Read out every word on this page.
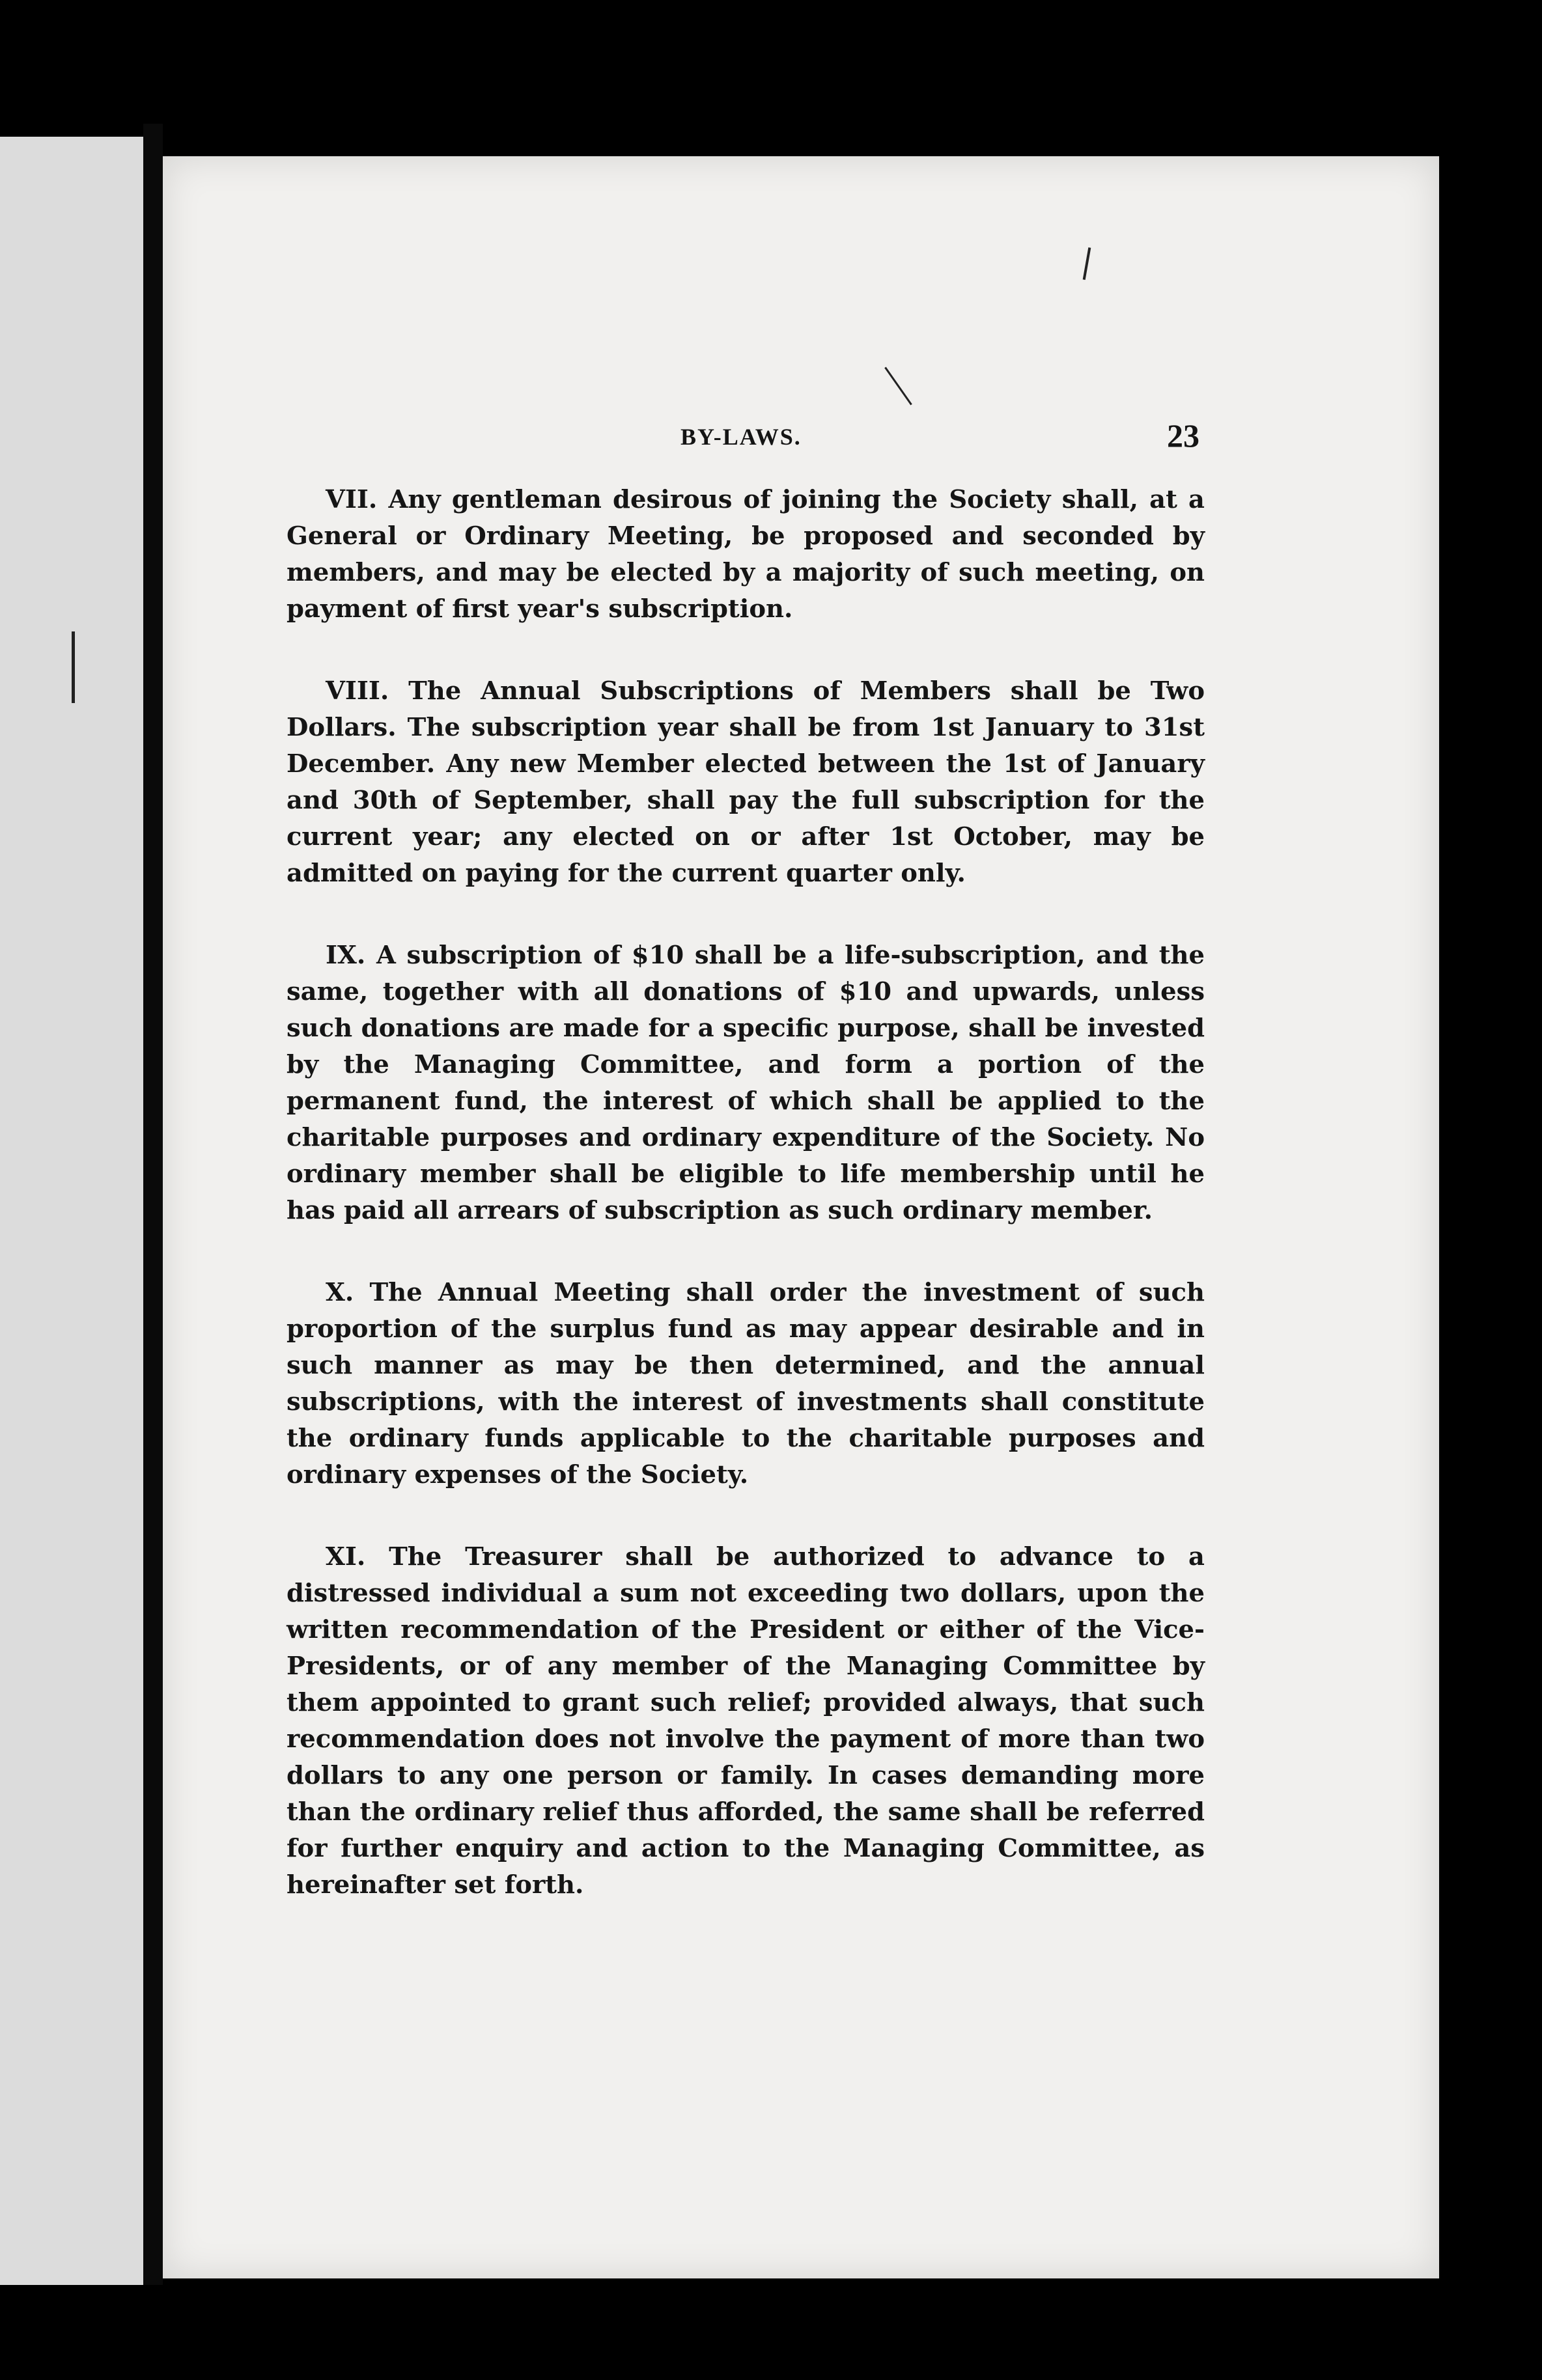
BY-LAWS.	23

VII. Any gentleman desirous of joining the Society shall, at a General or Ordinary Meeting, be proposed and seconded by members, and may be elected by a majority of such meeting, on payment of first year's subscription.

VIII. The Annual Subscriptions of Members shall be Two Dollars. The subscription year shall be from 1st January to 31st December. Any new Member elected between the 1st of January and 30th of September, shall pay the full subscription for the current year; any elected on or after 1st October, may be admitted on paying for the current quarter only.

IX. A subscription of $10 shall be a life-subscription, and the same, together with all donations of $10 and upwards, unless such donations are made for a specific purpose, shall be invested by the Managing Committee, and form a portion of the permanent fund, the interest of which shall be applied to the charitable purposes and ordinary expenditure of the Society. No ordinary member shall be eligible to life membership until he has paid all arrears of subscription as such ordinary member.

X. The Annual Meeting shall order the investment of such proportion of the surplus fund as may appear desirable and in such manner as may be then determined, and the annual subscriptions, with the interest of investments shall constitute the ordinary funds applicable to the charitable purposes and ordinary expenses of the Society.

XI. The Treasurer shall be authorized to advance to a distressed individual a sum not exceeding two dollars, upon the written recommendation of the President or either of the Vice-Presidents, or of any member of the Managing Committee by them appointed to grant such relief; provided always, that such recommendation does not involve the payment of more than two dollars to any one person or family. In cases demanding more than the ordinary relief thus afforded, the same shall be referred for further enquiry and action to the Managing Committee, as hereinafter set forth.
